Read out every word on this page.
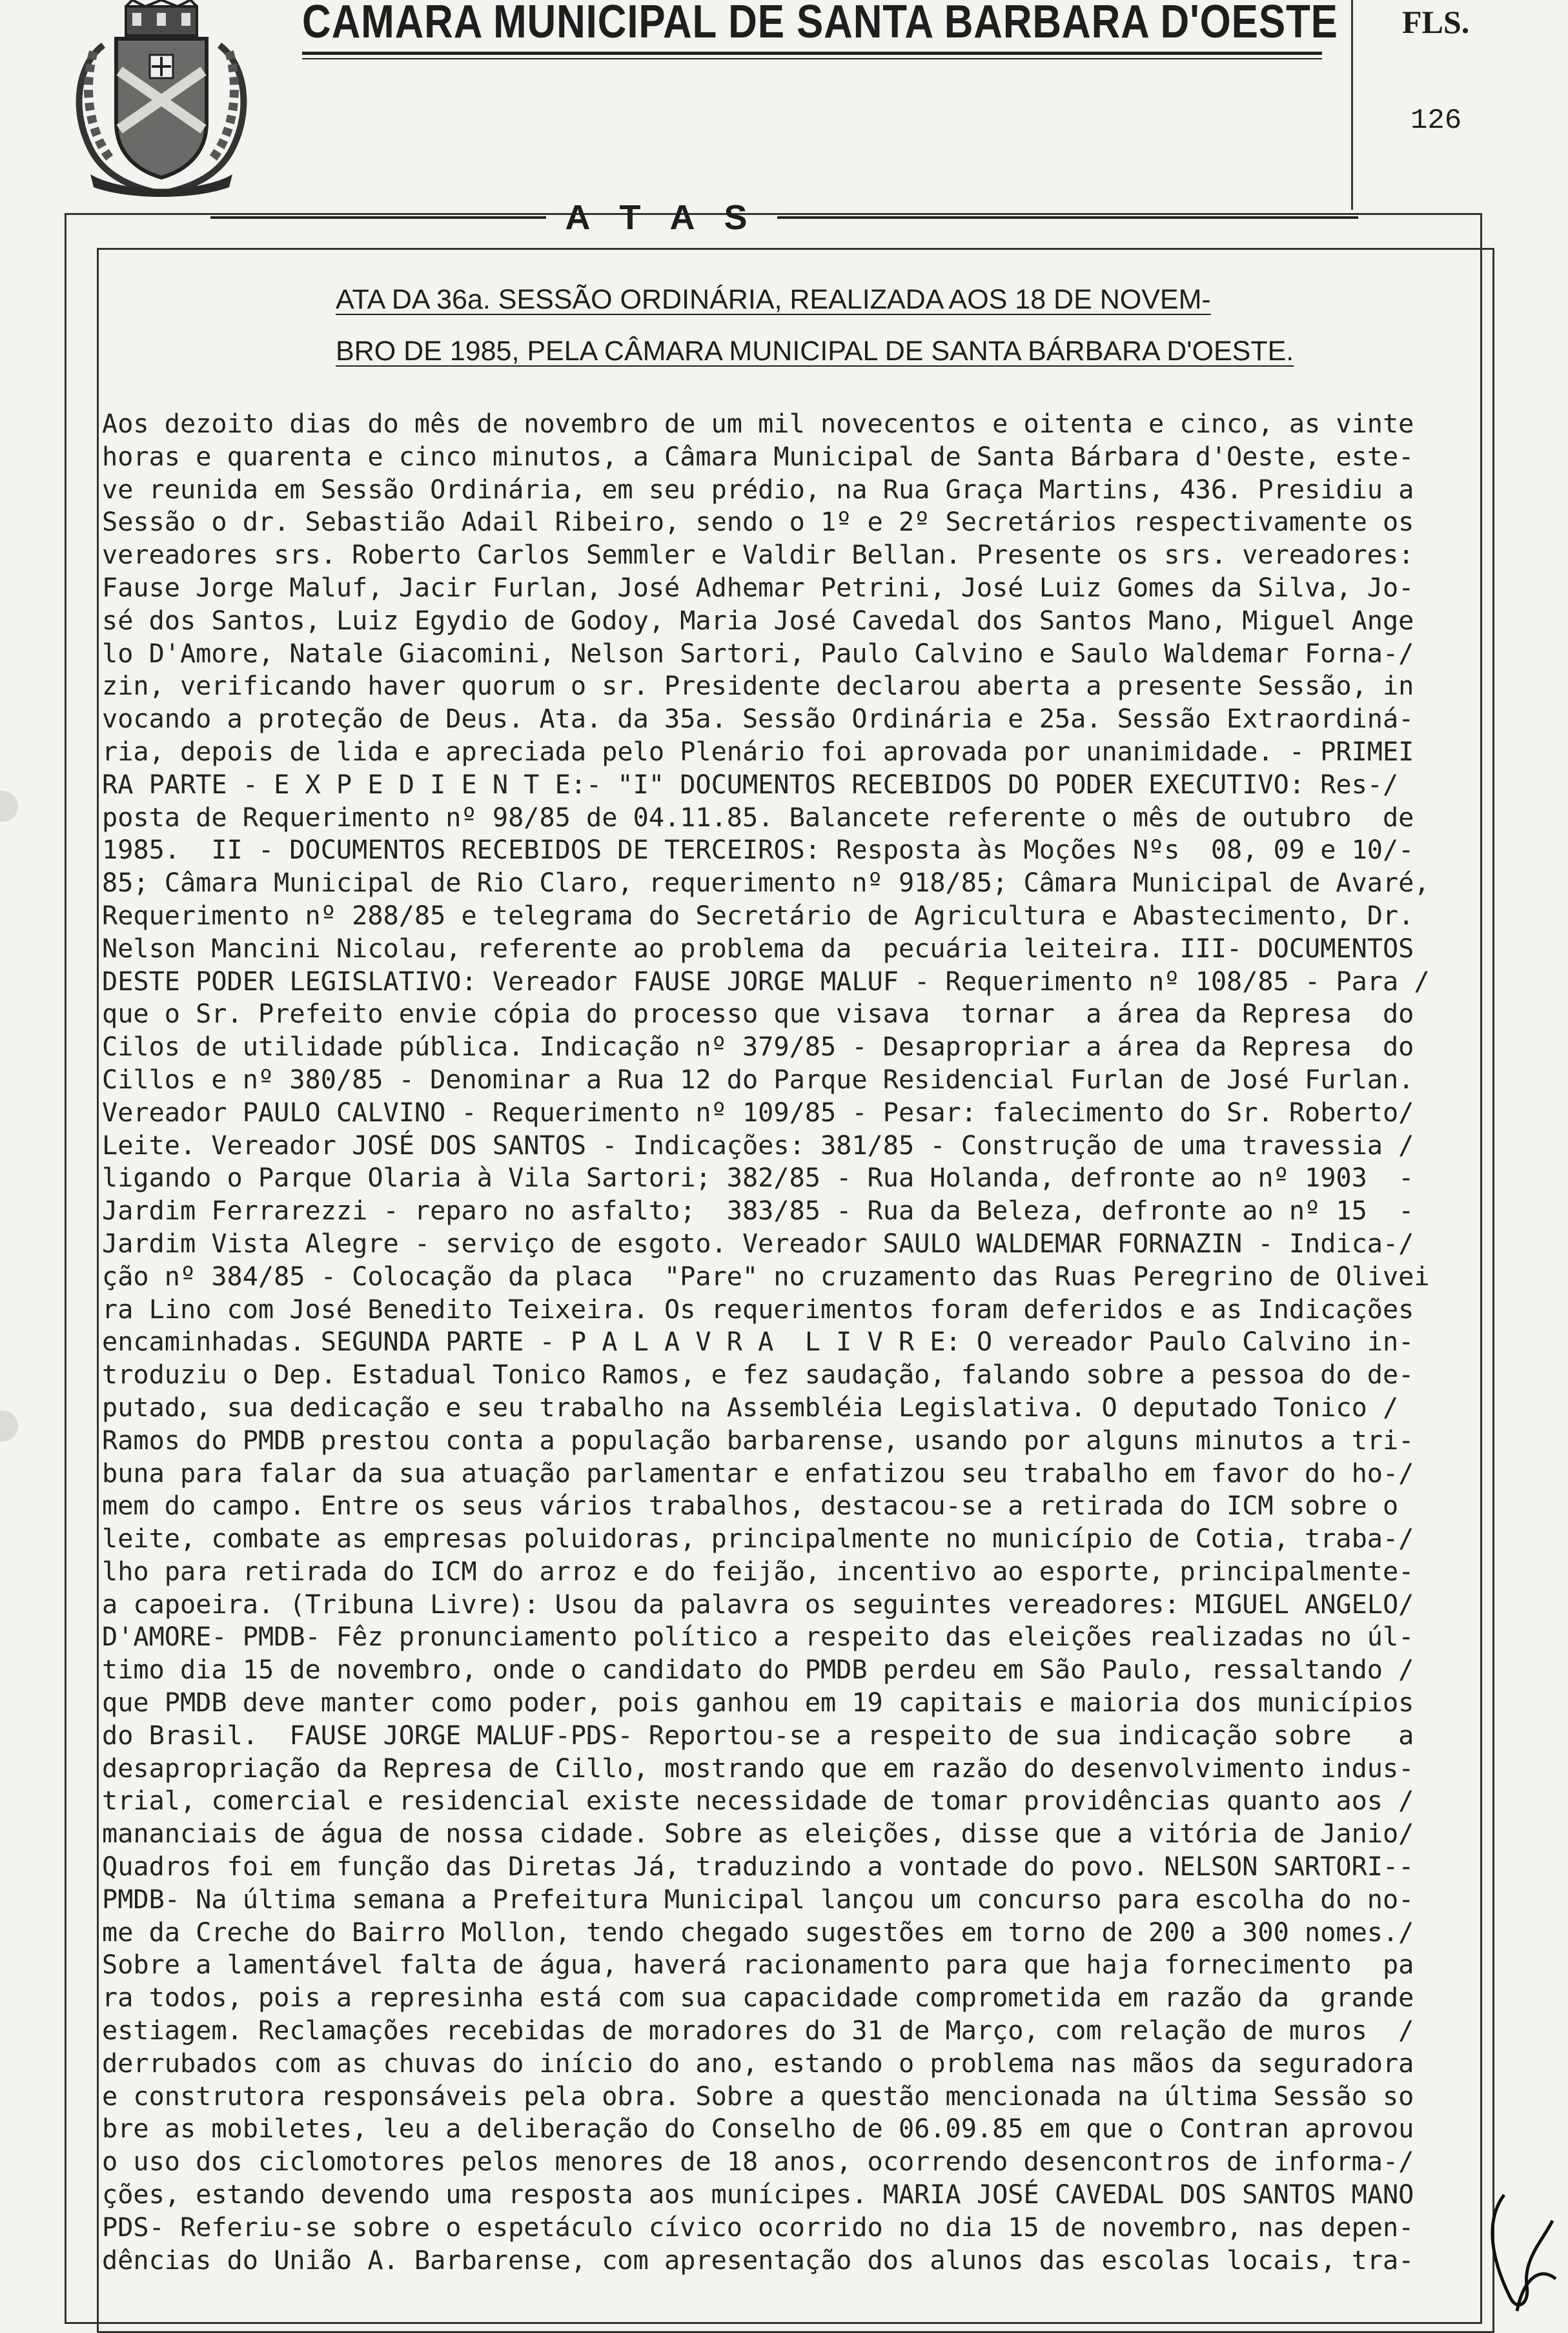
CAMARA MUNICIPAL DE SANTA BARBARA D'OESTE FLS.

126

A T A S
ATA DA 36a. SESSÃO ORDINÁRIA, REALIZADA AOS 18 DE NOVEM-
BRO DE 1985, PELA CÂMARA MUNICIPAL DE SANTA BÁRBARA D'OESTE.
Aos dezoito dias do mês de novembro de um mil novecentos e oitenta e cinco, as vinte
horas e quarenta e cinco minutos, a Câmara Municipal de Santa Bárbara d'Oeste, este-
ve reunida em Sessão Ordinária, em seu prédio, na Rua Graça Martins, 436. Presidiu a
Sessão o dr. Sebastião Adail Ribeiro, sendo o 1º e 2º Secretários respectivamente os
vereadores srs. Roberto Carlos Semmler e Valdir Bellan. Presente os srs. vereadores:
Fause Jorge Maluf, Jacir Furlan, José Adhemar Petrini, José Luiz Gomes da Silva, Jo-
sé dos Santos, Luiz Egydio de Godoy, Maria José Cavedal dos Santos Mano, Miguel Ange
lo D'Amore, Natale Giacomini, Nelson Sartori, Paulo Calvino e Saulo Waldemar Forna-/
zin, verificando haver quorum o sr. Presidente declarou aberta a presente Sessão, in
vocando a proteção de Deus. Ata. da 35a. Sessão Ordinária e 25a. Sessão Extraordiná-
ria, depois de lida e apreciada pelo Plenário foi aprovada por unanimidade. - PRIMEI
RA PARTE - E X P E D I E N T E:- "I" DOCUMENTOS RECEBIDOS DO PODER EXECUTIVO: Res-/
posta de Requerimento nº 98/85 de 04.11.85. Balancete referente o mês de outubro  de
1985.  II - DOCUMENTOS RECEBIDOS DE TERCEIROS: Resposta às Moções Nºs  08, 09 e 10/-
85; Câmara Municipal de Rio Claro, requerimento nº 918/85; Câmara Municipal de Avaré,
Requerimento nº 288/85 e telegrama do Secretário de Agricultura e Abastecimento, Dr.
Nelson Mancini Nicolau, referente ao problema da  pecuária leiteira. III- DOCUMENTOS
DESTE PODER LEGISLATIVO: Vereador FAUSE JORGE MALUF - Requerimento nº 108/85 - Para /
que o Sr. Prefeito envie cópia do processo que visava  tornar  a área da Represa  do
Cilos de utilidade pública. Indicação nº 379/85 - Desapropriar a área da Represa  do
Cillos e nº 380/85 - Denominar a Rua 12 do Parque Residencial Furlan de José Furlan.
Vereador PAULO CALVINO - Requerimento nº 109/85 - Pesar: falecimento do Sr. Roberto/
Leite. Vereador JOSÉ DOS SANTOS - Indicações: 381/85 - Construção de uma travessia /
ligando o Parque Olaria à Vila Sartori; 382/85 - Rua Holanda, defronte ao nº 1903  -
Jardim Ferrarezzi - reparo no asfalto;  383/85 - Rua da Beleza, defronte ao nº 15  -
Jardim Vista Alegre - serviço de esgoto. Vereador SAULO WALDEMAR FORNAZIN - Indica-/
ção nº 384/85 - Colocação da placa  "Pare" no cruzamento das Ruas Peregrino de Olivei
ra Lino com José Benedito Teixeira. Os requerimentos foram deferidos e as Indicações
encaminhadas. SEGUNDA PARTE - P A L A V R A  L I V R E: O vereador Paulo Calvino in-
troduziu o Dep. Estadual Tonico Ramos, e fez saudação, falando sobre a pessoa do de-
putado, sua dedicação e seu trabalho na Assembléia Legislativa. O deputado Tonico /
Ramos do PMDB prestou conta a população barbarense, usando por alguns minutos a tri-
buna para falar da sua atuação parlamentar e enfatizou seu trabalho em favor do ho-/
mem do campo. Entre os seus vários trabalhos, destacou-se a retirada do ICM sobre o
leite, combate as empresas poluidoras, principalmente no município de Cotia, traba-/
lho para retirada do ICM do arroz e do feijão, incentivo ao esporte, principalmente-
a capoeira. (Tribuna Livre): Usou da palavra os seguintes vereadores: MIGUEL ANGELO/
D'AMORE- PMDB- Fêz pronunciamento político a respeito das eleições realizadas no úl-
timo dia 15 de novembro, onde o candidato do PMDB perdeu em São Paulo, ressaltando /
que PMDB deve manter como poder, pois ganhou em 19 capitais e maioria dos municípios
do Brasil.  FAUSE JORGE MALUF-PDS- Reportou-se a respeito de sua indicação sobre   a
desapropriação da Represa de Cillo, mostrando que em razão do desenvolvimento indus-
trial, comercial e residencial existe necessidade de tomar providências quanto aos /
mananciais de água de nossa cidade. Sobre as eleições, disse que a vitória de Janio/
Quadros foi em função das Diretas Já, traduzindo a vontade do povo. NELSON SARTORI--
PMDB- Na última semana a Prefeitura Municipal lançou um concurso para escolha do no-
me da Creche do Bairro Mollon, tendo chegado sugestões em torno de 200 a 300 nomes./
Sobre a lamentável falta de água, haverá racionamento para que haja fornecimento  pa
ra todos, pois a represinha está com sua capacidade comprometida em razão da  grande
estiagem. Reclamações recebidas de moradores do 31 de Março, com relação de muros  /
derrubados com as chuvas do início do ano, estando o problema nas mãos da seguradora
e construtora responsáveis pela obra. Sobre a questão mencionada na última Sessão so
bre as mobiletes, leu a deliberação do Conselho de 06.09.85 em que o Contran aprovou
o uso dos ciclomotores pelos menores de 18 anos, ocorrendo desencontros de informa-/
ções, estando devendo uma resposta aos munícipes. MARIA JOSÉ CAVEDAL DOS SANTOS MANO
PDS- Referiu-se sobre o espetáculo cívico ocorrido no dia 15 de novembro, nas depen-
dências do União A. Barbarense, com apresentação dos alunos das escolas locais, tra-
